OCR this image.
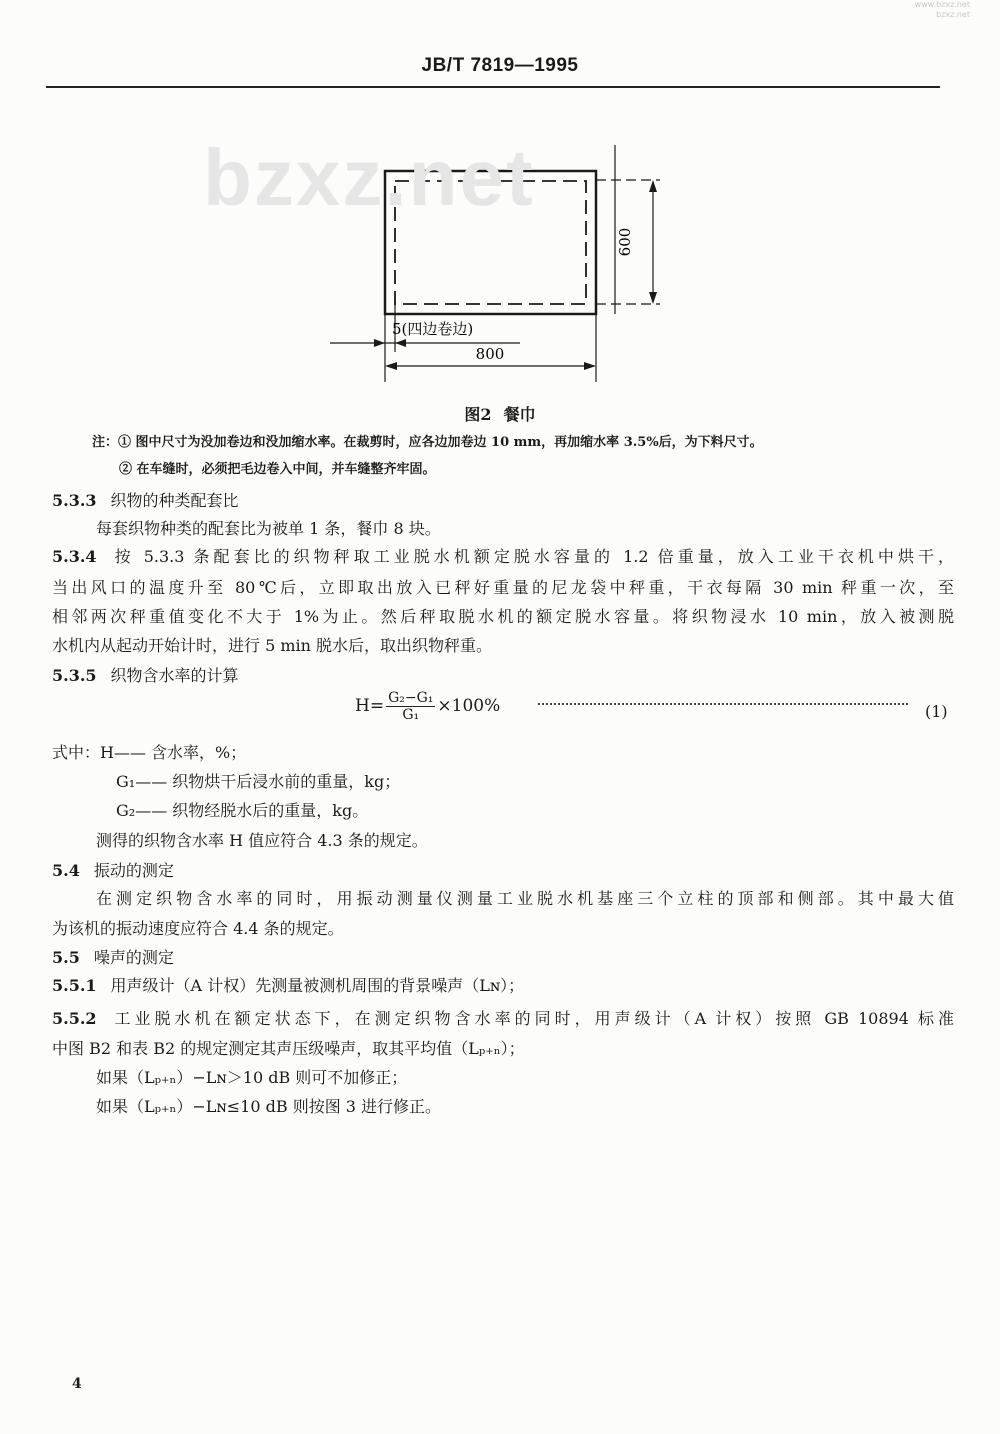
www.bzxz.net
bzxz.net
JB/T 7819—1995
600
5(四边卷边)
800
bzxz.net
图2 餐巾
注：① 图中尺寸为没加卷边和没加缩水率。在裁剪时，应各边加卷边 10 mm，再加缩水率 3.5%后，为下料尺寸。
② 在车缝时，必须把毛边卷入中间，并车缝整齐牢固。
5.3.3 织物的种类配套比
每套织物种类的配套比为被单 1 条，餐巾 8 块。
5.3.4 按 5.3.3 条配套比的织物秤取工业脱水机额定脱水容量的 1.2 倍重量，放入工业干衣机中烘干，
当出风口的温度升至 80℃后，立即取出放入已秤好重量的尼龙袋中秤重，干衣每隔 30 min 秤重一次，至
相邻两次秤重值变化不大于 1%为止。然后秤取脱水机的额定脱水容量。将织物浸水 10 min，放入被测脱
水机内从起动开始计时，进行 5 min 脱水后，取出织物秤重。
5.3.5 织物含水率的计算
$H= \frac{\text{G₂−G₁}}{\text{G₁}} \times 100\%$	(1)
式中：H—— 含水率，%；
G₁—— 织物烘干后浸水前的重量，kg；
G₂—— 织物经脱水后的重量，kg。
测得的织物含水率 H 值应符合 4.3 条的规定。
5.4 振动的测定
在测定织物含水率的同时，用振动测量仪测量工业脱水机基座三个立柱的顶部和侧部。其中最大值
为该机的振动速度应符合 4.4 条的规定。
5.5 噪声的测定
5.5.1 用声级计（A 计权）先测量被测机周围的背景噪声（Lɴ）；
5.5.2 工业脱水机在额定状态下，在测定织物含水率的同时，用声级计（A 计权）按照 GB 10894 标准
中图 B2 和表 B2 的规定测定其声压级噪声，取其平均值（Lₚ₊ₙ）；
如果（Lₚ₊ₙ）−Lɴ＞10 dB 则可不加修正；
如果（Lₚ₊ₙ）−Lɴ≤10 dB 则按图 3 进行修正。
4
